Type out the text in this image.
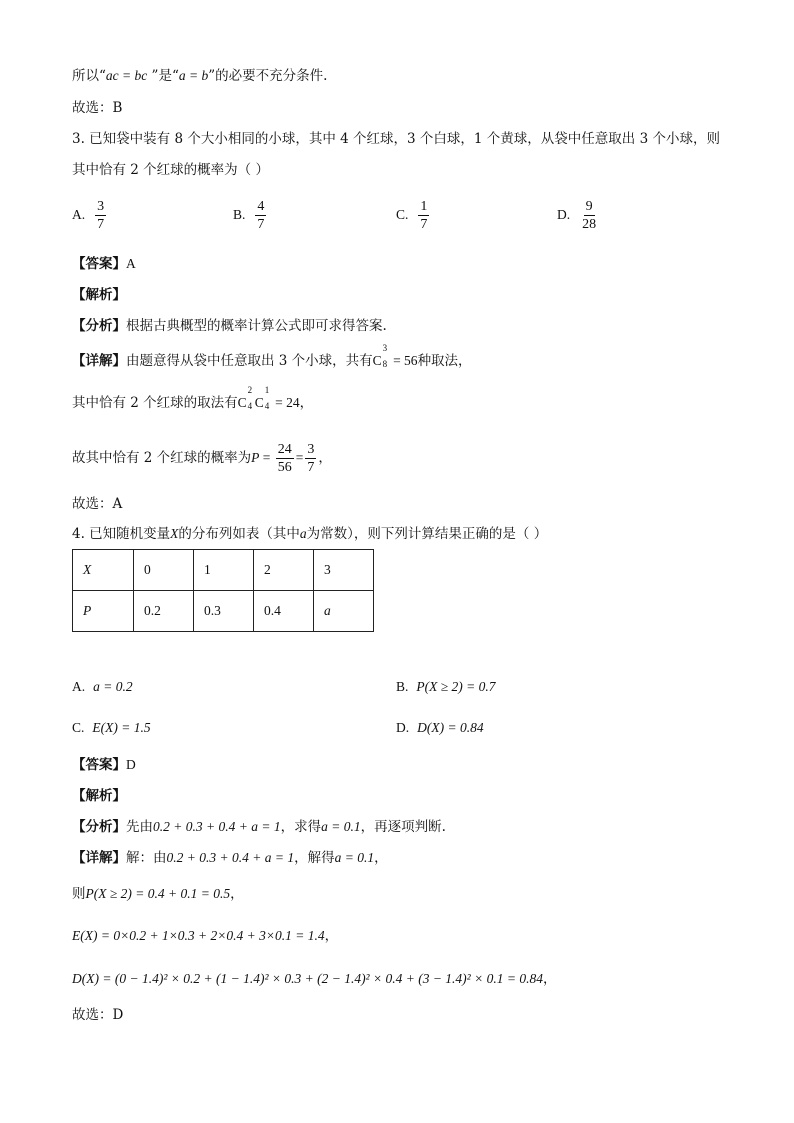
所以“ac = bc ”是“a = b”的必要不充分条件.
故选：B
3. 已知袋中装有 8 个大小相同的小球，其中 4 个红球，3 个白球，1 个黄球，从袋中任意取出 3 个小球，则
其中恰有 2 个红球的概率为（ ）
A. $\frac{3}{7}$	B. $\frac{4}{7}$	C. $\frac{1}{7}$	D. $\frac{9}{28}$
【答案】A
【解析】
【分析】根据古典概型的概率计算公式即可求得答案.
【详解】由题意得从袋中任意取出 3 个小球，共有C
3
8 = 56种取法，
其中恰有 2 个红球的取法有C
2
4 C
1
4 = 24，
故其中恰有 2 个红球的概率为$P = \frac{24}{56} = \frac{3}{7}$ ，
故选：A
4. 已知随机变量X的分布列如表（其中a为常数），则下列计算结果正确的是（ ）
X	0	1	2	3
P	0.2	0.3	0.4	a
A. a = 0.2	B. P(X ≥ 2) = 0.7
C. E(X) = 1.5	D. D(X) = 0.84
【答案】D
【解析】
【分析】先由0.2 + 0.3 + 0.4 + a = 1，求得a = 0.1，再逐项判断.
【详解】解：由0.2 + 0.3 + 0.4 + a = 1，解得a = 0.1，
则P(X ≥ 2) = 0.4 + 0.1 = 0.5，
E(X) = 0×0.2 + 1×0.3 + 2×0.4 + 3×0.1 = 1.4，
D(X) = (0 − 1.4)² × 0.2 + (1 − 1.4)² × 0.3 + (2 − 1.4)² × 0.4 + (3 − 1.4)² × 0.1 = 0.84，
故选：D
